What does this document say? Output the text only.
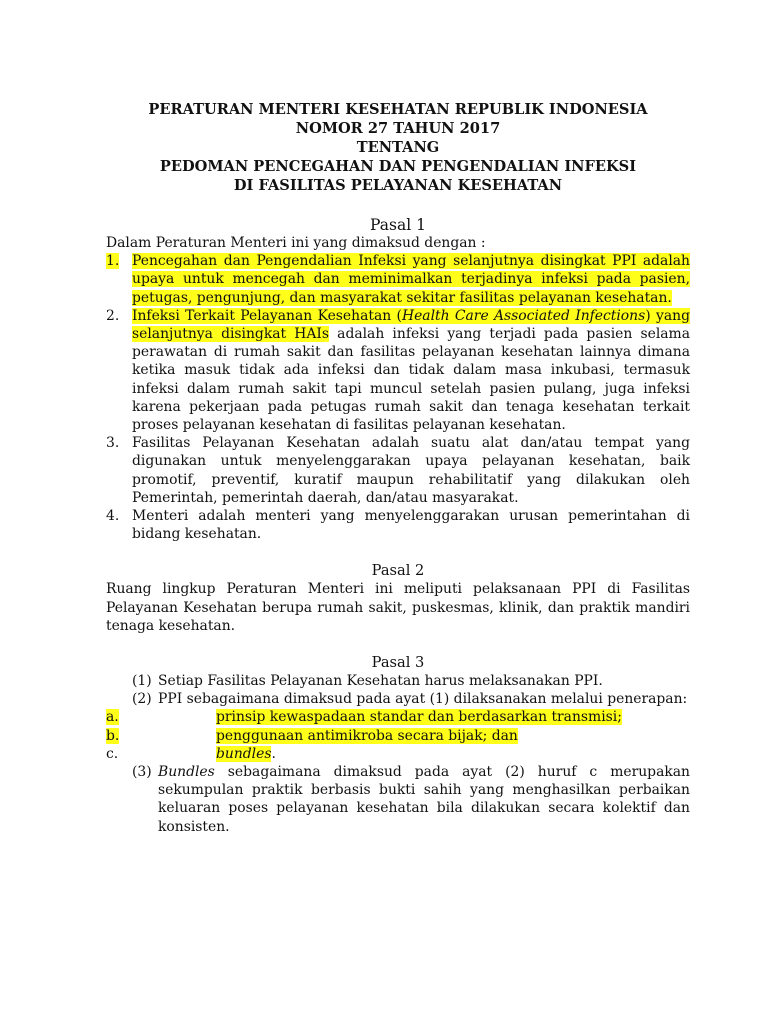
PERATURAN MENTERI KESEHATAN REPUBLIK INDONESIA
NOMOR 27 TAHUN 2017
TENTANG
PEDOMAN PENCEGAHAN DAN PENGENDALIAN INFEKSI
DI FASILITAS PELAYANAN KESEHATAN
Pasal 1
Dalam Peraturan Menteri ini yang dimaksud dengan :
1. Pencegahan dan Pengendalian Infeksi yang selanjutnya disingkat PPI adalah upaya untuk mencegah dan meminimalkan terjadinya infeksi pada pasien, petugas, pengunjung, dan masyarakat sekitar fasilitas pelayanan kesehatan.
2. Infeksi Terkait Pelayanan Kesehatan (Health Care Associated Infections) yang selanjutnya disingkat HAIs adalah infeksi yang terjadi pada pasien selama perawatan di rumah sakit dan fasilitas pelayanan kesehatan lainnya dimana ketika masuk tidak ada infeksi dan tidak dalam masa inkubasi, termasuk infeksi dalam rumah sakit tapi muncul setelah pasien pulang, juga infeksi karena pekerjaan pada petugas rumah sakit dan tenaga kesehatan terkait proses pelayanan kesehatan di fasilitas pelayanan kesehatan.
3. Fasilitas Pelayanan Kesehatan adalah suatu alat dan/atau tempat yang digunakan untuk menyelenggarakan upaya pelayanan kesehatan, baik promotif, preventif, kuratif maupun rehabilitatif yang dilakukan oleh Pemerintah, pemerintah daerah, dan/atau masyarakat.
4. Menteri adalah menteri yang menyelenggarakan urusan pemerintahan di bidang kesehatan.
Pasal 2
Ruang lingkup Peraturan Menteri ini meliputi pelaksanaan PPI di Fasilitas Pelayanan Kesehatan berupa rumah sakit, puskesmas, klinik, dan praktik mandiri tenaga kesehatan.
Pasal 3
(1) Setiap Fasilitas Pelayanan Kesehatan harus melaksanakan PPI.
(2) PPI sebagaimana dimaksud pada ayat (1) dilaksanakan melalui penerapan:
a.	prinsip kewaspadaan standar dan berdasarkan transmisi;
b.	penggunaan antimikroba secara bijak; dan
c.	bundles.
(3) Bundles sebagaimana dimaksud pada ayat (2) huruf c merupakan sekumpulan praktik berbasis bukti sahih yang menghasilkan perbaikan keluaran poses pelayanan kesehatan bila dilakukan secara kolektif dan konsisten.
